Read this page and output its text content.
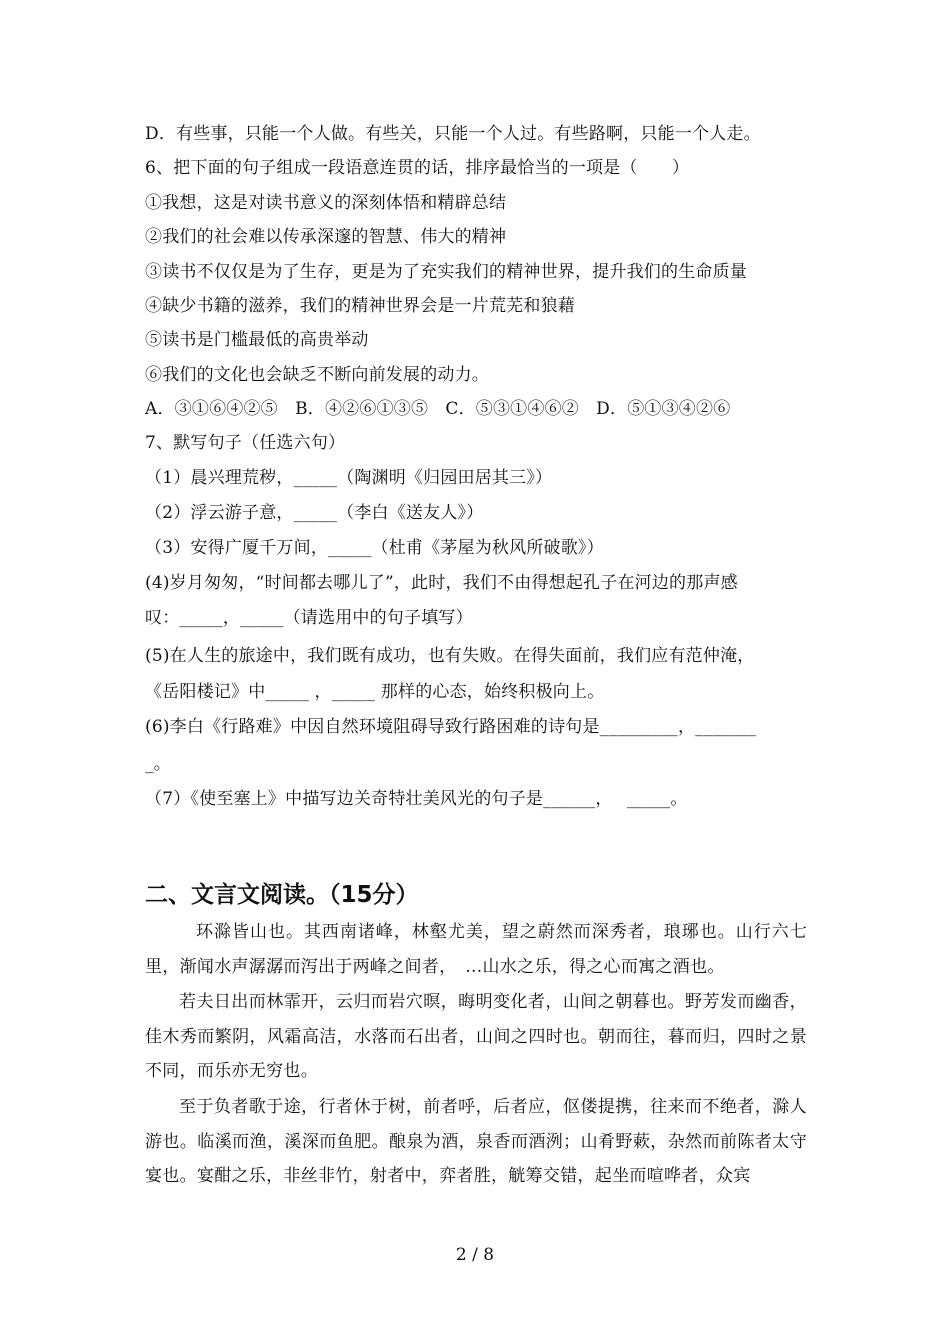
D．有些事，只能一个人做。有些关，只能一个人过。有些路啊，只能一个人走。
6、把下面的句子组成一段语意连贯的话，排序最恰当的一项是（　　）
①我想，这是对读书意义的深刻体悟和精辟总结
②我们的社会难以传承深邃的智慧、伟大的精神
③读书不仅仅是为了生存，更是为了充实我们的精神世界，提升我们的生命质量
④缺少书籍的滋养，我们的精神世界会是一片荒芜和狼藉
⑤读书是门槛最低的高贵举动
⑥我们的文化也会缺乏不断向前发展的动力。
A．③①⑥④②⑤　B．④②⑥①③⑤　C．⑤③①④⑥②　D．⑤①③④②⑥
7、默写句子（任选六句）
（1）晨兴理荒秽，_____（陶渊明《归园田居其三》）
（2）浮云游子意，_____（李白《送友人》）
（3）安得广厦千万间，_____（杜甫《茅屋为秋风所破歌》）
(4)岁月匆匆，“时间都去哪儿了”，此时，我们不由得想起孔子在河边的那声感
叹：_____，_____（请选用中的句子填写）
(5)在人生的旅途中，我们既有成功，也有失败。在得失面前，我们应有范仲淹，
《岳阳楼记》中_____ ，_____ 那样的心态，始终积极向上。
(6)李白《行路难》中因自然环境阻碍导致行路困难的诗句是_________，_______
_。
（7）《使至塞上》中描写边关奇特壮美风光的句子是______，　 _____。
二、文言文阅读。（15分）
环滁皆山也。其西南诸峰，林壑尤美，望之蔚然而深秀者，琅琊也。山行六七里，渐闻水声潺潺而泻出于两峰之间者，　…山水之乐，得之心而寓之酒也。
若夫日出而林霏开，云归而岩穴暝，晦明变化者，山间之朝暮也。野芳发而幽香，佳木秀而繁阴，风霜高洁，水落而石出者，山间之四时也。朝而往，暮而归，四时之景不同，而乐亦无穷也。
至于负者歌于途，行者休于树，前者呼，后者应，伛偻提携，往来而不绝者，滁人游也。临溪而渔，溪深而鱼肥。酿泉为酒，泉香而酒洌；山肴野蔌，杂然而前陈者太守宴也。宴酣之乐，非丝非竹，射者中，弈者胜，觥筹交错，起坐而喧哗者，众宾
2 / 8
